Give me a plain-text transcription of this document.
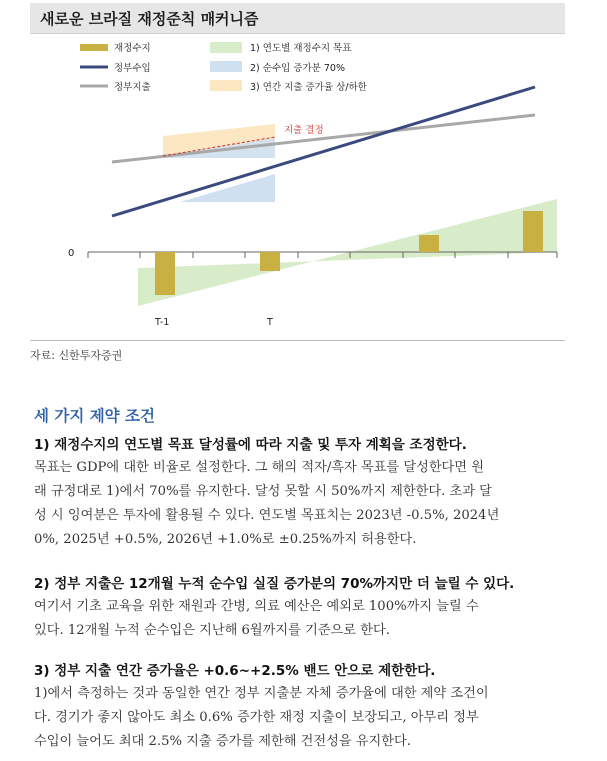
새로운 브라질 재정준칙 매커니즘
재정수지
정부수입
정부지출
1) 연도별 재정수지 목표
2) 순수입 증가분 70%
3) 연간 지출 증가율 상/하한
0
지출 결정
T-1	T
자료: 신한투자증권
세 가지 제약 조건
1) 재정수지의 연도별 목표 달성률에 따라 지출 및 투자 계획을 조정한다.

목표는 GDP에 대한 비율로 설정한다. 그 해의 적자/흑자 목표를 달성한다면 원

래 규정대로 1)에서 70%를 유지한다. 달성 못할 시 50%까지 제한한다. 초과 달

성 시 잉여분은 투자에 활용될 수 있다. 연도별 목표치는 2023년 -0.5%, 2024년

0%, 2025년 +0.5%, 2026년 +1.0%로 ±0.25%까지 허용한다.

2) 정부 지출은 12개월 누적 순수입 실질 증가분의 70%까지만 더 늘릴 수 있다.

여기서 기초 교육을 위한 재원과 간병, 의료 예산은 예외로 100%까지 늘릴 수

있다. 12개월 누적 순수입은 지난해 6월까지를 기준으로 한다.

3) 정부 지출 연간 증가율은 +0.6~+2.5% 밴드 안으로 제한한다.

1)에서 측정하는 것과 동일한 연간 정부 지출분 자체 증가율에 대한 제약 조건이

다. 경기가 좋지 않아도 최소 0.6% 증가한 재정 지출이 보장되고, 아무리 정부

수입이 늘어도 최대 2.5% 지출 증가를 제한해 건전성을 유지한다.
